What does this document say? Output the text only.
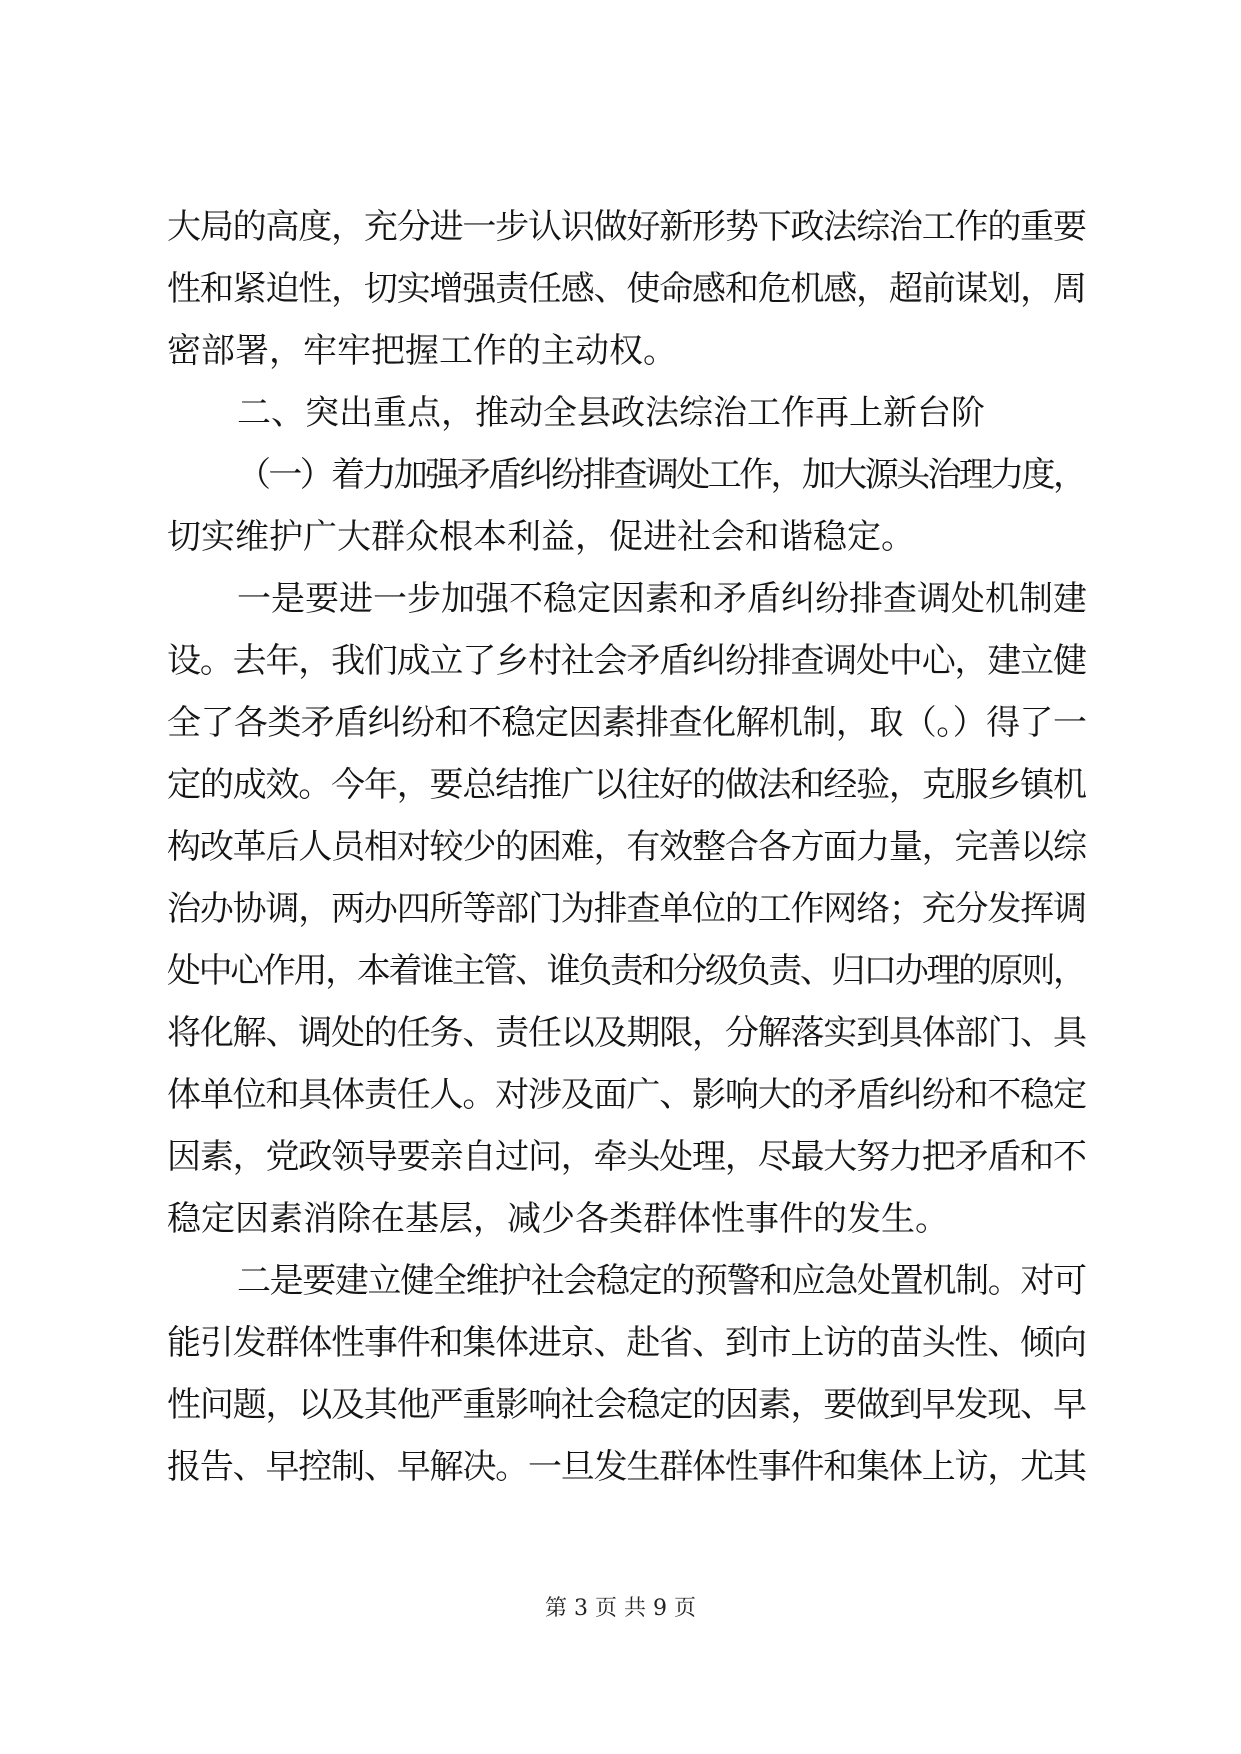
大局的高度，充分进一步认识做好新形势下政法综治工作的重要
性和紧迫性，切实增强责任感、使命感和危机感，超前谋划，周
密部署，牢牢把握工作的主动权。
二、突出重点，推动全县政法综治工作再上新台阶
（一）着力加强矛盾纠纷排查调处工作，加大源头治理力度，
切实维护广大群众根本利益，促进社会和谐稳定。
一是要进一步加强不稳定因素和矛盾纠纷排查调处机制建
设。去年，我们成立了乡村社会矛盾纠纷排查调处中心，建立健
全了各类矛盾纠纷和不稳定因素排查化解机制，取（。）得了一
定的成效。今年，要总结推广以往好的做法和经验，克服乡镇机
构改革后人员相对较少的困难，有效整合各方面力量，完善以综
治办协调，两办四所等部门为排查单位的工作网络；充分发挥调
处中心作用，本着谁主管、谁负责和分级负责、归口办理的原则，
将化解、调处的任务、责任以及期限，分解落实到具体部门、具
体单位和具体责任人。对涉及面广、影响大的矛盾纠纷和不稳定
因素，党政领导要亲自过问，牵头处理，尽最大努力把矛盾和不
稳定因素消除在基层，减少各类群体性事件的发生。
二是要建立健全维护社会稳定的预警和应急处置机制。对可
能引发群体性事件和集体进京、赴省、到市上访的苗头性、倾向
性问题，以及其他严重影响社会稳定的因素，要做到早发现、早
报告、早控制、早解决。一旦发生群体性事件和集体上访，尤其
第 3 页 共 9 页
